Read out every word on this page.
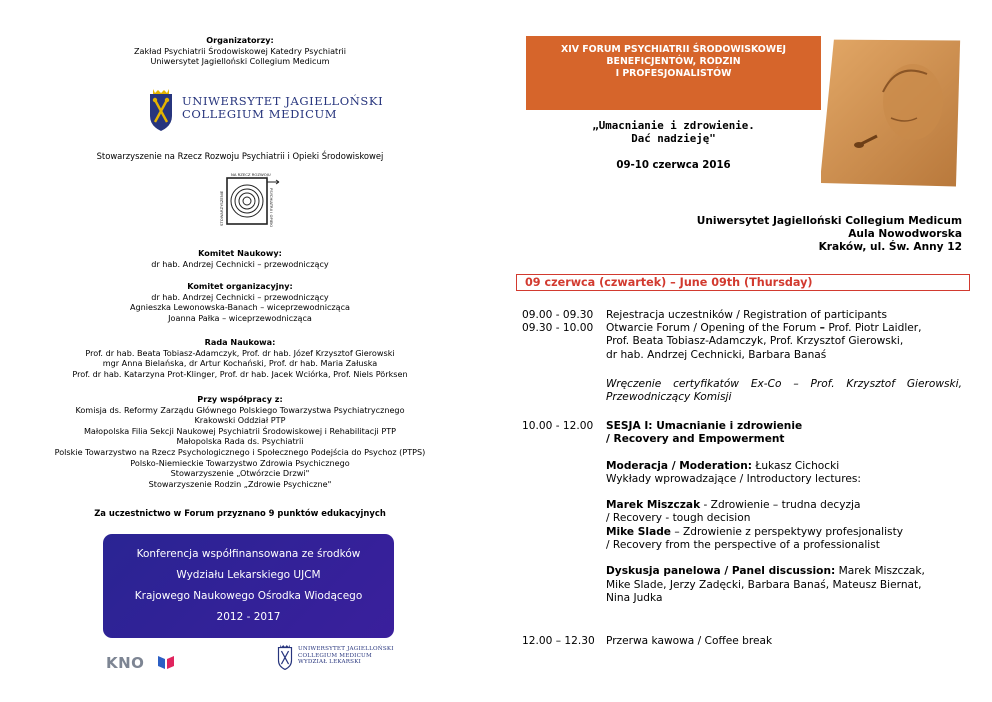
Organizatorzy:
Zakład Psychiatrii Środowiskowej Katedry Psychiatrii
Uniwersytet Jagielloński Collegium Medicum
UNIWERSYTET JAGIELLOŃSKI
COLLEGIUM MEDICUM
Stowarzyszenie na Rzecz Rozwoju Psychiatrii i Opieki Środowiskowej
NA RZECZ ROZWOJU
PSYCHIATRII I OPIEKI
STOWARZYSZENIE
Komitet Naukowy:
dr hab. Andrzej Cechnicki – przewodniczący
Komitet organizacyjny:
dr hab. Andrzej Cechnicki – przewodniczący
Agnieszka Lewonowska-Banach – wiceprzewodnicząca
Joanna Pałka – wiceprzewodnicząca
Rada Naukowa:
Prof. dr hab. Beata Tobiasz-Adamczyk, Prof. dr hab. Józef Krzysztof Gierowski
mgr Anna Bielańska, dr Artur Kochański, Prof. dr hab. Maria Załuska
Prof. dr hab. Katarzyna Prot-Klinger, Prof. dr hab. Jacek Wciórka, Prof. Niels Pörksen
Przy współpracy z:
Komisja ds. Reformy Zarządu Głównego Polskiego Towarzystwa Psychiatrycznego
Krakowski Oddział PTP
Małopolska Filia Sekcji Naukowej Psychiatrii Środowiskowej i Rehabilitacji PTP
Małopolska Rada ds. Psychiatrii
Polskie Towarzystwo na Rzecz Psychologicznego i Społecznego Podejścia do Psychoz (PTPS)
Polsko-Niemieckie Towarzystwo Zdrowia Psychicznego
Stowarzyszenie „Otwórzcie Drzwi"
Stowarzyszenie Rodzin „Zdrowie Psychiczne"
Za uczestnictwo w Forum przyznano 9 punktów edukacyjnych
Konferencja współfinansowana ze środków
Wydziału Lekarskiego UJCM
Krajowego Naukowego Ośrodka Wiodącego
2012 - 2017
KNO
UNIWERSYTET JAGIELLOŃSKI
COLLEGIUM MEDICUM
WYDZIAŁ LEKARSKI
XIV FORUM PSYCHIATRII ŚRODOWISKOWEJ
BENEFICJENTÓW, RODZIN
I PROFESJONALISTÓW
„Umacnianie i zdrowienie.
Dać nadzieję"
09-10 czerwca 2016
Uniwersytet Jagielloński Collegium Medicum
Aula Nowodworska
Kraków, ul. Św. Anny 12
09 czerwca (czwartek) – June 09th (Thursday)
09.00 - 09.30 Rejestracja uczestników / Registration of participants
09.30 - 10.00 Otwarcie Forum / Opening of the Forum – Prof. Piotr Laidler,
Prof. Beata Tobiasz-Adamczyk, Prof. Krzysztof Gierowski,
dr hab. Andrzej Cechnicki, Barbara Banaś
Wręczenie certyfikatów Ex-Co – Prof. Krzysztof Gierowski, Przewodniczący Komisji
10.00 - 12.00 SESJA I: Umacnianie i zdrowienie
/ Recovery and Empowerment
Moderacja / Moderation: Łukasz Cichocki
Wykłady wprowadzające / Introductory lectures:
Marek Miszczak - Zdrowienie – trudna decyzja
/ Recovery - tough decision
Mike Slade – Zdrowienie z perspektywy profesjonalisty
/ Recovery from the perspective of a professionalist
Dyskusja panelowa / Panel discussion: Marek Miszczak,
Mike Slade, Jerzy Zadęcki, Barbara Banaś, Mateusz Biernat,
Nina Judka
12.00 – 12.30 Przerwa kawowa / Coffee break
